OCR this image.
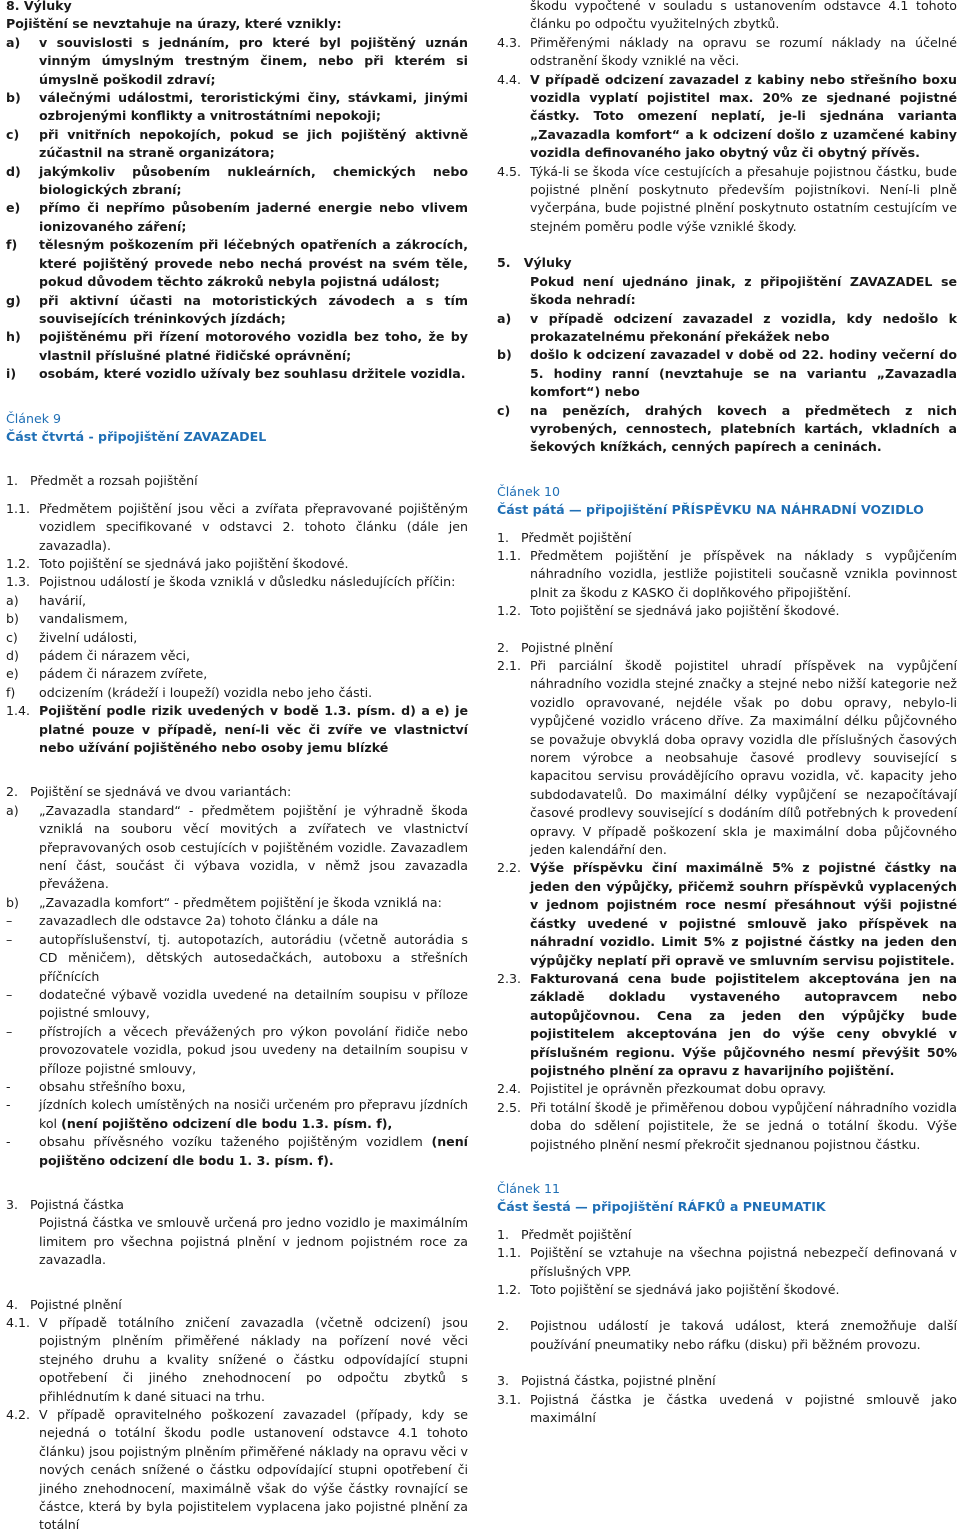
8. Výluky
Pojištění se nevztahuje na úrazy, které vznikly:
a)	v souvislosti s jednáním, pro které byl pojištěný uznán vinným úmyslným trestným činem, nebo při kterém si úmyslně poškodil zdraví;
b)	válečnými událostmi, teroristickými činy, stávkami, jinými ozbrojenými konflikty a vnitrostátními nepokoji;
c)	při vnitřních nepokojích, pokud se jich pojištěný aktivně zúčastnil na straně organizátora;
d)	jakýmkoliv působením nukleárních, chemických nebo biologických zbraní;
e)	přímo či nepřímo působením jaderné energie nebo vlivem ionizovaného záření;
f)	tělesným poškozením při léčebných opatřeních a zákrocích, které pojištěný provede nebo nechá provést na svém těle, pokud důvodem těchto zákroků nebyla pojistná událost;
g)	při aktivní účasti na motoristických závodech a s tím souvisejících tréninkových jízdách;
h)	pojištěnému při řízení motorového vozidla bez toho, že by vlastnil příslušné platné řidičské oprávnění;
i)	osobám, které vozidlo užívaly bez souhlasu držitele vozidla.
Článek 9
Část čtvrtá - připojištění ZAVAZADEL
1.   Předmět a rozsah pojištění
1.1. Předmětem pojištění jsou věci a zvířata přepravované pojištěným vozidlem specifikované v odstavci 2. tohoto článku (dále jen zavazadla).
1.2. Toto pojištění se sjednává jako pojištění škodové.
1.3. Pojistnou událostí je škoda vzniklá v důsledku následujících příčin:
a)	havárií,
b)	vandalismem,
c)	živelní události,
d)	pádem či nárazem věci,
e)	pádem či nárazem zvířete,
f)	odcizením (krádeží i loupeží) vozidla nebo jeho části.
1.4. Pojištění podle rizik uvedených v bodě 1.3. písm. d) a e) je platné pouze v případě, není-li věc či zvíře ve vlastnictví nebo užívání pojištěného nebo osoby jemu blízké
2.   Pojištění se sjednává ve dvou variantách:
a)	„Zavazadla standard“ - předmětem pojištění je výhradně škoda vzniklá na souboru věcí movitých a zvířatech ve vlastnictví přepravovaných osob cestujících v pojištěném vozidle. Zavazadlem není část, součást či výbava vozidla, v němž jsou zavazadla převážena.
b)	„Zavazadla komfort“ - předmětem pojištění je škoda vzniklá na:
–	zavazadlech dle odstavce 2a) tohoto článku a dále na
–	autopříslušenství, tj. autopotazích, autorádiu (včetně autorádia s CD měničem), dětských autosedačkách, autoboxu a střešních příčnících
–	dodatečné výbavě vozidla uvedené na detailním soupisu v příloze pojistné smlouvy,
–	přístrojích a věcech převážených pro výkon povolání řidiče nebo provozovatele vozidla, pokud jsou uvedeny na detailním soupisu v příloze pojistné smlouvy,
-	obsahu střešního boxu,
-	jízdních kolech umístěných na nosiči určeném pro přepravu jízdních kol (není pojištěno odcizení dle bodu 1.3. písm. f),
-	obsahu přívěsného vozíku taženého pojištěným vozidlem (není pojištěno odcizení dle bodu 1. 3. písm. f).
3.   Pojistná částka
Pojistná částka ve smlouvě určená pro jedno vozidlo je maximálním limitem pro všechna pojistná plnění v jednom pojistném roce za zavazadla.
4.   Pojistné plnění
4.1. V případě totálního zničení zavazadla (včetně odcizení) jsou pojistným plněním přiměřené náklady na pořízení nové věci stejného druhu a kvality snížené o částku odpovídající stupni opotřebení či jiného znehodnocení po odpočtu zbytků s přihlédnutím k dané situaci na trhu.
4.2. V případě opravitelného poškození zavazadel (případy, kdy se nejedná o totální škodu podle ustanovení odstavce 4.1 tohoto článku) jsou pojistným plněním přiměřené náklady na opravu věci v nových cenách snížené o částku odpovídající stupni opotřebení či jiného znehodnocení, maximálně však do výše částky rovnající se částce, která by byla pojistitelem vyplacena jako pojistné plnění za totální
škodu vypočtené v souladu s ustanovením odstavce 4.1 tohoto článku po odpočtu využitelných zbytků.
4.3. Přiměřenými náklady na opravu se rozumí náklady na účelné odstranění škody vzniklé na věci.
4.4. V případě odcizení zavazadel z kabiny nebo střešního boxu vozidla vyplatí pojistitel max. 20% ze sjednané pojistné částky. Toto omezení neplatí, je-li sjednána varianta „Zavazadla komfort“ a k odcizení došlo z uzamčené kabiny vozidla definovaného jako obytný vůz či obytný přívěs.
4.5. Týká-li se škoda více cestujících a přesahuje pojistnou částku, bude pojistné plnění poskytnuto především pojistníkovi. Není-li plně vyčerpána, bude pojistné plnění poskytnuto ostatním cestujícím ve stejném poměru podle výše vzniklé škody.
5.   Výluky
Pokud není ujednáno jinak, z připojištění ZAVAZADEL se škoda nehradí:
a)	v případě odcizení zavazadel z vozidla, kdy nedošlo k prokazatelnému překonání překážek nebo
b)	došlo k odcizení zavazadel v době od 22. hodiny večerní do 5. hodiny ranní (nevztahuje se na variantu „Zavazadla komfort“) nebo
c)	na penězích, drahých kovech a předmětech z nich vyrobených, cennostech, platebních kartách, vkladních a šekových knížkách, cenných papírech a ceninách.
Článek 10
Část pátá — připojištění PŘÍSPĚVKU NA NÁHRADNÍ VOZIDLO
1.   Předmět pojištění
1.1. Předmětem pojištění je příspěvek na náklady s vypůjčením náhradního vozidla, jestliže pojistiteli současně vznikla povinnost plnit za škodu z KASKO či doplňkového připojištění.
1.2. Toto pojištění se sjednává jako pojištění škodové.
2.   Pojistné plnění
2.1. Při parciální škodě pojistitel uhradí příspěvek na vypůjčení náhradního vozidla stejné značky a stejné nebo nižší kategorie než vozidlo opravované, nejdéle však po dobu opravy, nebylo-li vypůjčené vozidlo vráceno dříve. Za maximální délku půjčovného se považuje obvyklá doba opravy vozidla dle příslušných časových norem výrobce a neobsahuje časové prodlevy související s kapacitou servisu provádějícího opravu vozidla, vč. kapacity jeho subdodavatelů. Do maximální délky vypůjčení se nezapočítávají časové prodlevy související s dodáním dílů potřebných k provedení opravy. V případě poškození skla je maximální doba půjčovného jeden kalendářní den.
2.2. Výše příspěvku činí maximálně 5% z pojistné částky na jeden den výpůjčky, přičemž souhrn příspěvků vyplacených v jednom pojistném roce nesmí přesáhnout výši pojistné částky uvedené v pojistné smlouvě jako příspěvek na náhradní vozidlo. Limit 5% z pojistné částky na jeden den výpůjčky neplatí při opravě ve smluvním servisu pojistitele.
2.3. Fakturovaná cena bude pojistitelem akceptována jen na základě dokladu vystaveného autopravcem nebo autopůjčovnou. Cena za jeden den výpůjčky bude pojistitelem akceptována jen do výše ceny obvyklé v příslušném regionu. Výše půjčovného nesmí převýšit 50% pojistného plnění za opravu z havarijního pojištění.
2.4. Pojistitel je oprávněn přezkoumat dobu opravy.
2.5. Při totální škodě je přiměřenou dobou vypůjčení náhradního vozidla doba do sdělení pojistitele, že se jedná o totální škodu. Výše pojistného plnění nesmí překročit sjednanou pojistnou částku.
Článek 11
Část šestá — připojištění RÁFKŮ a PNEUMATIK
1.   Předmět pojištění
1.1. Pojištění se vztahuje na všechna pojistná nebezpečí definovaná v příslušných VPP.
1.2. Toto pojištění se sjednává jako pojištění škodové.
2.	Pojistnou událostí je taková událost, která znemožňuje další používání pneumatiky nebo ráfku (disku) při běžném provozu.
3.   Pojistná částka, pojistné plnění
3.1. Pojistná částka je částka uvedená v pojistné smlouvě jako maximální
